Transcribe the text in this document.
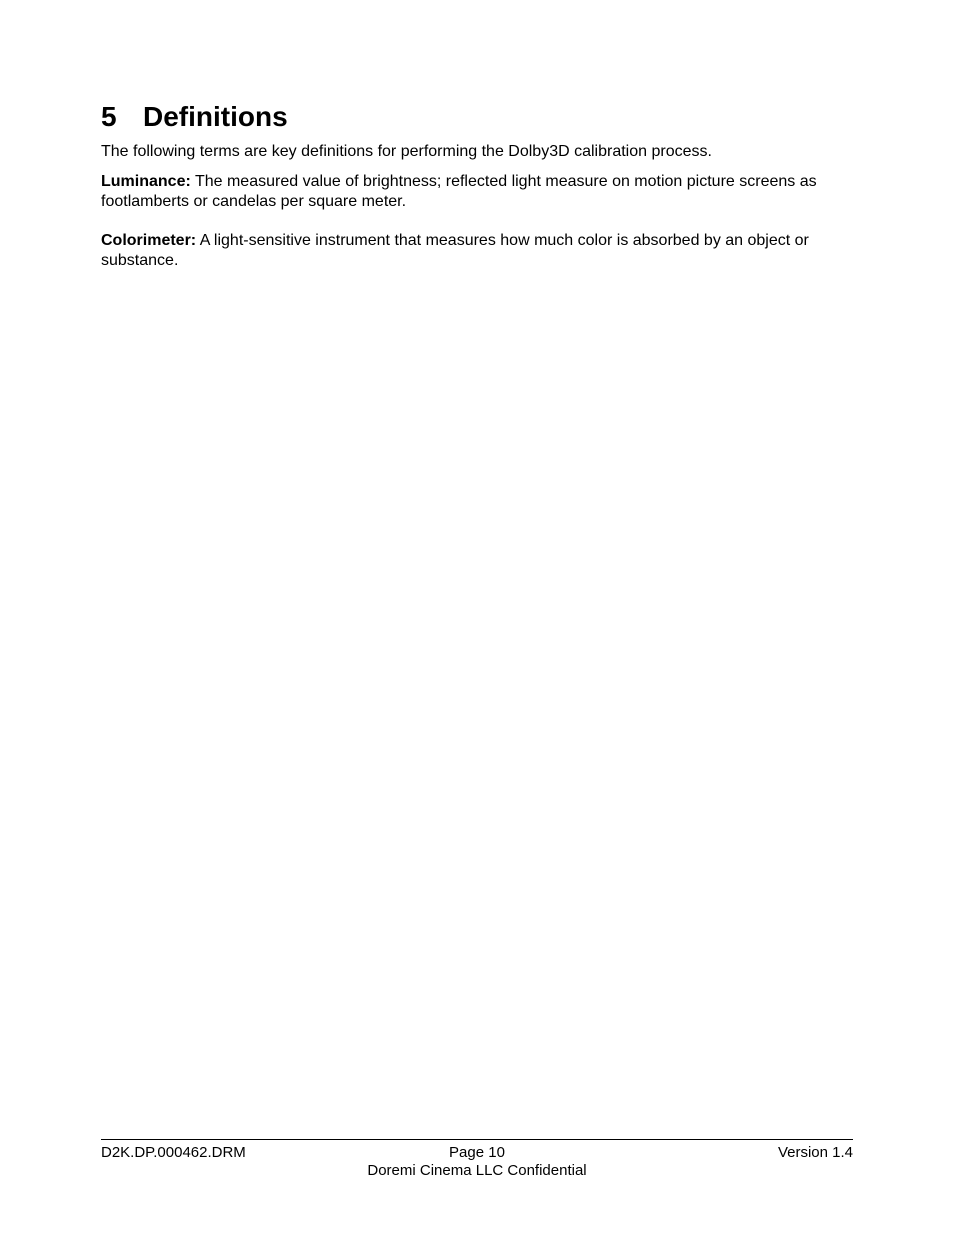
5 Definitions

The following terms are key definitions for performing the Dolby3D calibration process.

Luminance: The measured value of brightness; reflected light measure on motion picture screens as footlamberts or candelas per square meter.

Colorimeter: A light-sensitive instrument that measures how much color is absorbed by an object or substance.

D2K.DP.000462.DRM	Page 10	Version 1.4
Doremi Cinema LLC Confidential
